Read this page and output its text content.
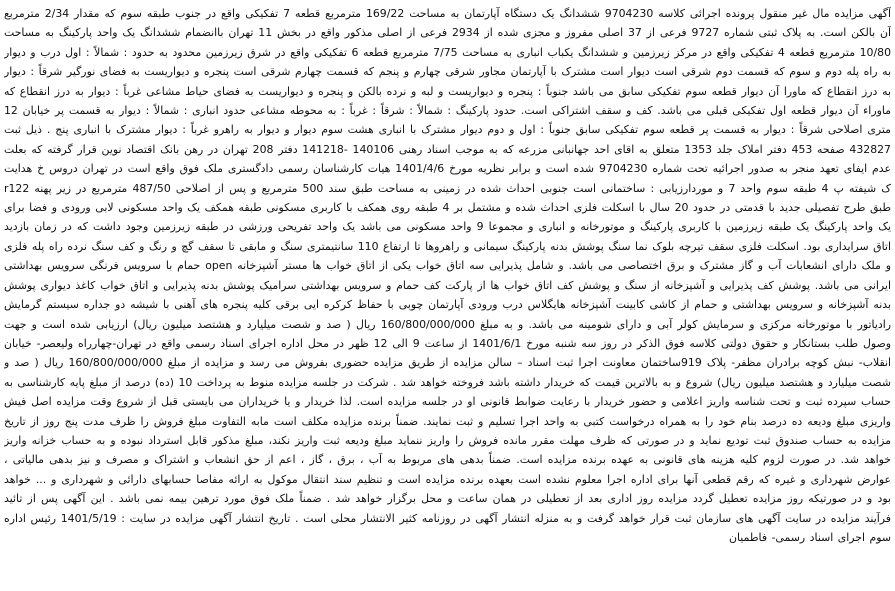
آگهی مزایده مال غیر منقول پرونده اجرائی کلاسه 9704230 ششدانگ یک دستگاه آپارتمان به مساحت 169/22 مترمربع قطعه 7 تفکیکی واقع در جنوب طبقه سوم که مقدار 2/34 مترمربع آن بالکن است. به پلاک ثبتی شماره 9727 فرعی از 37 اصلی مفروز و مجزی شده از 2934 فرعی از اصلی مذکور واقع در بخش 11 تهران باانضمام ششدانگ یک واحد پارکینگ به مساحت 10/80 مترمربع قطعه 4 تفکیکی واقع در مرکز زیرزمین و ششدانگ یکباب انباری به مساحت 7/75 مترمربع قطعه 6 تفکیکی واقع در شرق زیرزمین محدود به حدود : شمالاً : اول درب و دیوار به راه پله دوم و سوم که قسمت دوم شرقی است دیوار است مشترک با آپارتمان مجاور شرقی چهارم و پنجم که قسمت چهارم شرقی است پنجره و دیواریست به فضای نورگیر شرقاً : دیوار به درز انقطاع که ماورا آن دیوار قطعه سوم تفکیکی سابق می باشد جنوباً : پنجره و دیواریست و لبه و نرده بالکن و پنجره و دیواریست به فضای حیاط مشاعی غرباً : دیوار به درز انقطاع که ماوراء آن دیوار قطعه اول تفکیکی قبلی می باشد. کف و سقف اشتراکی است. حدود پارکینگ : شمالاً : شرقاً : غرباً : به محوطه مشاعی حدود انباری : شمالاً : دیوار به قسمت پر خیابان 12 متری اصلاحی شرقاً : دیوار به قسمت پر قطعه سوم تفکیکی سابق جنوباً : اول و دوم دیوار مشترک با انباری هشت سوم دیوار و دیوار به راهرو غرباً : دیوار مشترک با انباری پنج . ذیل ثبت 432827 صفحه 453 دفتر املاک جلد 1353 متعلق به اقای احد جهانبانی مزرعه که به موجب اسناد رهنی 140106 -141218 دفتر 208 تهران در رهن بانک اقتصاد نوین قرار گرفته که بعلت عدم ایفای تعهد منجر به صدور اجرائیه تحت شماره 9704230 شده است و برابر نظریه مورخ 1401/4/6 هیات کارشناسان رسمی دادگستری ملک فوق واقع است در تهران دروس خ هدایت ک شیفته پ 4 طبقه سوم واحد 7 و موردارزیابی : ساختمانی است جنوبی احداث شده در زمینی به مساحت طبق سند 500 مترمربع و پس از اصلاحی 487/50 مترمربع در زیر پهنه r122 طبق طرح تفصیلی جدید با قدمتی در حدود 20 سال با اسکلت فلزی احداث شده و مشتمل بر 4 طبقه روی همکف با کاربری مسکونی طبقه همکف یک واحد مسکونی لابی ورودی و فضا برای یک واحد پارکینگ یک طبقه زیرزمین با کاربری پارکینگ و موتورخانه و انباری و مجموعا 9 واحد مسکونی می باشد یک واحد تفریحی ورزشی در طبقه زیرزمین وجود داشت که در زمان بازدید اتاق سرایداری بود. اسکلت فلزی سقف تیرچه بلوک نما سنگ پوشش بدنه پارکینگ سیمانی و راهروها تا ارتفاع 110 سانتیمتری سنگ و مابقی تا سقف گچ و رنگ و کف سنگ نرده راه پله فلزی و ملک دارای انشعابات آب و گاز مشترک و برق اختصاصی می باشد. و شامل پذیرایی سه اتاق خواب یکی از اتاق خواب ها مستر آشپزخانه open حمام با سرویس فرنگی سرویس بهداشتی ایرانی می باشد. پوشش کف پذیرایی و آشپزخانه از سنگ و پوشش کف اتاق خواب ها از پارکت کف حمام و سرویس بهداشتی سرامیک پوشش بدنه پذیرایی و اتاق خواب کاغذ دیواری پوشش بدنه آشپزخانه و سرویس بهداشتی و حمام از کاشی کابینت آشپزخانه هایگلاس درب ورودی آپارتمان چوبی با حفاظ کرکره ایی برقی کلیه پنجره های آهنی با شیشه دو جداره سیستم گرمایش رادیاتور با موتورخانه مرکزی و سرمایش کولر آبی و دارای شومینه می باشد. و به مبلغ 160/800/000/000 ریال ( صد و شصت میلیارد و هشتصد میلیون ریال) ارزیابی شده است و جهت وصول طلب بستانکار و حقوق دولتی کلاسه فوق الذکر در روز سه شنبه مورخ 1401/6/1 از ساعت 9 الی 12 ظهر در محل اداره اجرای اسناد رسمی واقع در تهران-چهارراه ولیعصر- خیابان انقلاب- نبش کوچه برادران مظفر- پلاک 919ساختمان معاونت اجرا ثبت اسناد – سالن مزایده از طریق مزایده حضوری بفروش می رسد و مزایده از مبلغ 160/800/000/000 ریال ( صد و شصت میلیارد و هشتصد میلیون ریال) شروع و به بالاترین قیمت که خریدار داشته باشد فروخته خواهد شد . شرکت در جلسه مزایده منوط به پرداخت 10 (ده) درصد از مبلغ پایه کارشناسی به حساب سپرده ثبت و تحت شناسه واریز اعلامی و حضور خریدار با رعایت ضوابط قانونی او در جلسه مزایده است. لذا خریدار و یا خریداران می بایستی قبل از شروع وقت مزایده اصل فیش واریزی مبلغ ودیعه ده درصد بنام خود را به همراه درخواست کتبی به واحد اجرا تسلیم و ثبت نمایند. ضمناً برنده مزایده مکلف است مابه التفاوت مبلغ فروش را ظرف مدت پنج روز از تاریخ مزایده به حساب صندوق ثبت توديع نمايد و در صورتی که ظرف مهلت مقرر مانده فروش را واریز ننماید مبلغ ودیعه ثبت واریز نکند، مبلغ مذکور قابل استرداد نبوده و به حساب خزانه واریز خواهد شد. در صورت لزوم کلیه هزینه های قانونی به عهده برنده مزایده است. ضمناً بدهی های مربوط به آب ، برق ، گاز ، اعم از حق انشعاب و اشتراک و مصرف و نیز بدهی مالیاتی ، عوارض شهرداری و غیره که رقم قطعی آنها برای اداره اجرا معلوم نشده است بعهده برنده مزایده است و تنظیم سند انتقال موکول به ارائه مفاصا حسابهای دارائی و شهرداری و ... خواهد بود و در صورتیکه روز مزایده تعطیل گردد مزایده روز اداری بعد از تعطیلی در همان ساعت و محل برگزار خواهد شد . ضمناً ملک فوق مورد ترهین بیمه نمی باشد . این آگهی پس از تائید فرآیند مزایده در سایت آگهی های سازمان ثبت قرار خواهد گرفت و به منزله انتشار آگهی در روزنامه کثیر الانتشار محلی است . تاریخ انتشار آگهی مزایده در سایت : 1401/5/19 رئیس اداره سوم اجرای اسناد رسمی- فاطمیان
